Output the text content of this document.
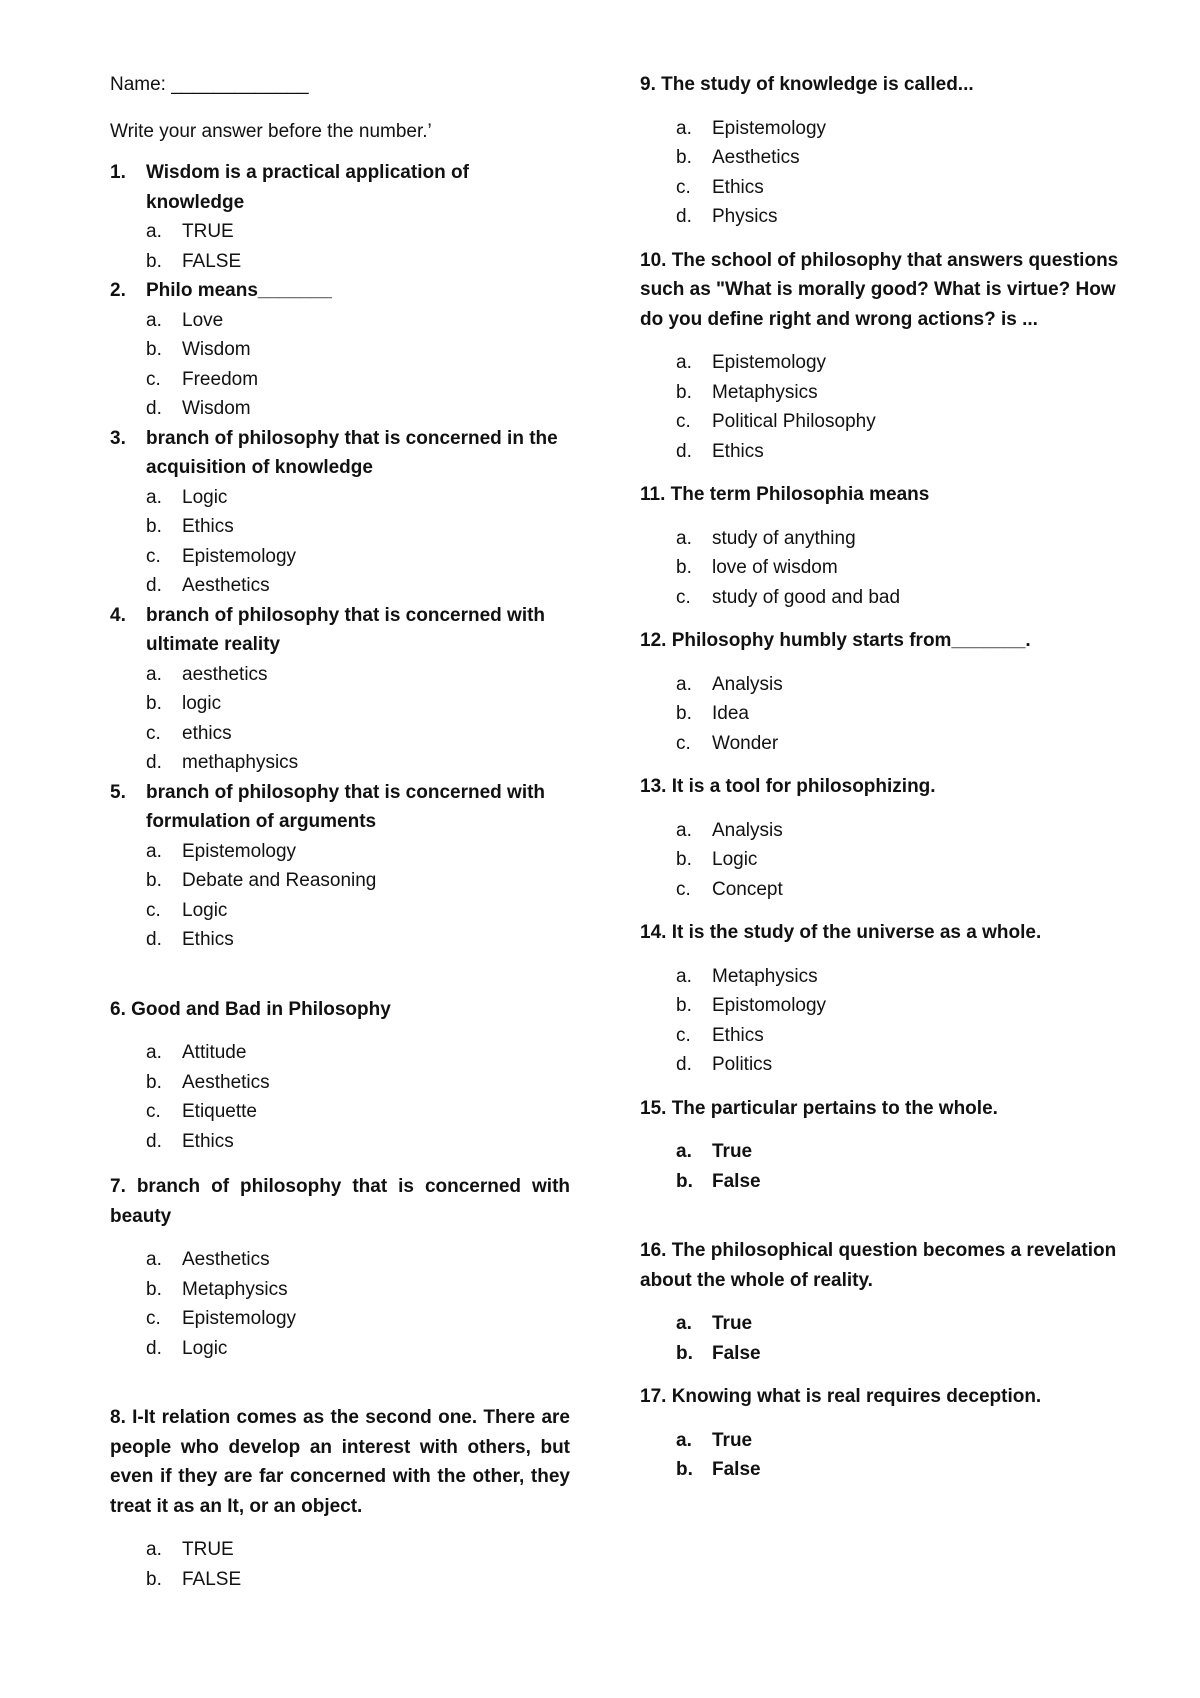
Name: _____________
Write your answer before the number.’
1.	Wisdom is a practical application of knowledge
a.	TRUE
b.	FALSE
2.	Philo means_______
a.	Love
b.	Wisdom
c.	Freedom
d.	Wisdom
3.	branch of philosophy that is concerned in the acquisition of knowledge
a.	Logic
b.	Ethics
c.	Epistemology
d.	Aesthetics
4.	branch of philosophy that is concerned with ultimate reality
a.	aesthetics
b.	logic
c.	ethics
d.	methaphysics
5.	branch of philosophy that is concerned with formulation of arguments
a.	Epistemology
b.	Debate and Reasoning
c.	Logic
d.	Ethics
6. Good and Bad in Philosophy
a.	Attitude
b.	Aesthetics
c.	Etiquette
d.	Ethics
7. branch of philosophy that is concerned with beauty
a.	Aesthetics
b.	Metaphysics
c.	Epistemology
d.	Logic
8. I-It relation comes as the second one. There are people who develop an interest with others, but even if they are far concerned with the other, they treat it as an It, or an object.
a.	TRUE
b.	FALSE
9. The study of knowledge is called...
a.	Epistemology
b.	Aesthetics
c.	Ethics
d.	Physics
10. The school of philosophy that answers questions such as "What is morally good? What is virtue? How do you define right and wrong actions? is ...
a.	Epistemology
b.	Metaphysics
c.	Political Philosophy
d.	Ethics
11. The term Philosophia means
a.	study of anything
b.	love of wisdom
c.	study of good and bad
12. Philosophy humbly starts from_______.
a.	Analysis
b.	Idea
c.	Wonder
13. It is a tool for philosophizing.
a.	Analysis
b.	Logic
c.	Concept
14. It is the study of the universe as a whole.
a.	Metaphysics
b.	Epistomology
c.	Ethics
d.	Politics
15. The particular pertains to the whole.
a.	True
b.	False
16. The philosophical question becomes a revelation about the whole of reality.
a.	True
b.	False
17. Knowing what is real requires deception.
a.	True
b.	False
